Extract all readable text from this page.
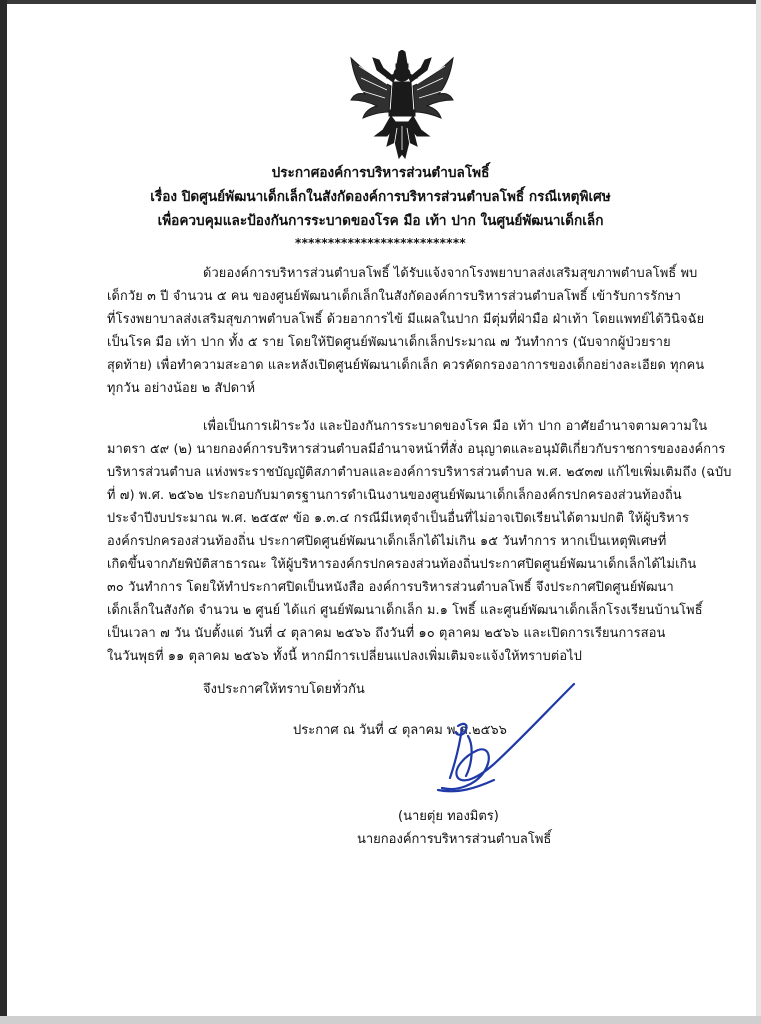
ประกาศองค์การบริหารส่วนตำบลโพธิ์
เรื่อง ปิดศูนย์พัฒนาเด็กเล็กในสังกัดองค์การบริหารส่วนตำบลโพธิ์ กรณีเหตุพิเศษ
เพื่อควบคุมและป้องกันการระบาดของโรค มือ เท้า ปาก ในศูนย์พัฒนาเด็กเล็ก
**************************
ด้วยองค์การบริหารส่วนตำบลโพธิ์ ได้รับแจ้งจากโรงพยาบาลส่งเสริมสุขภาพตำบลโพธิ์ พบ
เด็กวัย ๓ ปี จำนวน ๕ คน ของศูนย์พัฒนาเด็กเล็กในสังกัดองค์การบริหารส่วนตำบลโพธิ์ เข้ารับการรักษา
ที่โรงพยาบาลส่งเสริมสุขภาพตำบลโพธิ์ ด้วยอาการไข้ มีแผลในปาก มีตุ่มที่ฝ่ามือ ฝ่าเท้า โดยแพทย์ได้วินิจฉัย
เป็นโรค มือ เท้า ปาก ทั้ง ๕ ราย โดยให้ปิดศูนย์พัฒนาเด็กเล็กประมาณ ๗ วันทำการ (นับจากผู้ป่วยราย
สุดท้าย) เพื่อทำความสะอาด และหลังเปิดศูนย์พัฒนาเด็กเล็ก ควรคัดกรองอาการของเด็กอย่างละเอียด ทุกคน
ทุกวัน อย่างน้อย ๒ สัปดาห์
เพื่อเป็นการเฝ้าระวัง และป้องกันการระบาดของโรค มือ เท้า ปาก อาศัยอำนาจตามความใน
มาตรา ๕๙ (๒) นายกองค์การบริหารส่วนตำบลมีอำนาจหน้าที่สั่ง อนุญาตและอนุมัติเกี่ยวกับราชการขององค์การ
บริหารส่วนตำบล แห่งพระราชบัญญัติสภาตำบลและองค์การบริหารส่วนตำบล พ.ศ. ๒๕๓๗ แก้ไขเพิ่มเติมถึง (ฉบับ
ที่ ๗) พ.ศ. ๒๕๖๒ ประกอบกับมาตรฐานการดำเนินงานของศูนย์พัฒนาเด็กเล็กองค์กรปกครองส่วนท้องถิ่น
ประจำปีงบประมาณ พ.ศ. ๒๕๕๙ ข้อ ๑.๓.๔ กรณีมีเหตุจำเป็นอื่นที่ไม่อาจเปิดเรียนได้ตามปกติ ให้ผู้บริหาร
องค์กรปกครองส่วนท้องถิ่น ประกาศปิดศูนย์พัฒนาเด็กเล็กได้ไม่เกิน ๑๕ วันทำการ หากเป็นเหตุพิเศษที่
เกิดขึ้นจากภัยพิบัติสาธารณะ ให้ผู้บริหารองค์กรปกครองส่วนท้องถิ่นประกาศปิดศูนย์พัฒนาเด็กเล็กได้ไม่เกิน
๓๐ วันทำการ โดยให้ทำประกาศปิดเป็นหนังสือ องค์การบริหารส่วนตำบลโพธิ์ จึงประกาศปิดศูนย์พัฒนา
เด็กเล็กในสังกัด จำนวน ๒ ศูนย์ ได้แก่ ศูนย์พัฒนาเด็กเล็ก ม.๑ โพธิ์ และศูนย์พัฒนาเด็กเล็กโรงเรียนบ้านโพธิ์
เป็นเวลา ๗ วัน นับตั้งแต่ วันที่ ๔ ตุลาคม ๒๕๖๖ ถึงวันที่ ๑๐ ตุลาคม ๒๕๖๖ และเปิดการเรียนการสอน
ในวันพุธที่ ๑๑ ตุลาคม ๒๕๖๖ ทั้งนี้ หากมีการเปลี่ยนแปลงเพิ่มเติมจะแจ้งให้ทราบต่อไป
จึงประกาศให้ทราบโดยทั่วกัน
ประกาศ ณ วันที่ ๔ ตุลาคม พ.ศ.๒๕๖๖
(นายตุ่ย ทองมิตร)
นายกองค์การบริหารส่วนตำบลโพธิ์
